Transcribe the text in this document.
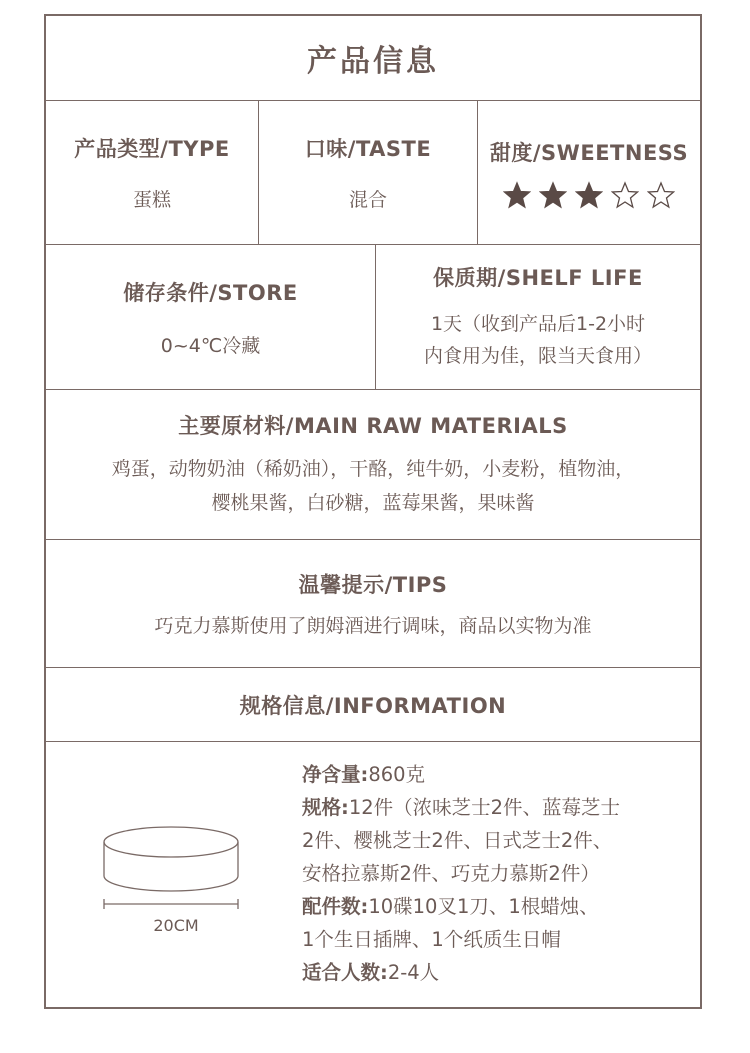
产品信息
产品类型/TYPE
蛋糕
口味/TASTE
混合
甜度/SWEETNESS
储存条件/STORE
0~4℃冷藏
保质期/SHELF LIFE
1天（收到产品后1-2小时
内食用为佳，限当天食用）
主要原材料/MAIN RAW MATERIALS
鸡蛋，动物奶油（稀奶油），干酪，纯牛奶，小麦粉，植物油，
樱桃果酱，白砂糖，蓝莓果酱，果味酱
温馨提示/TIPS
巧克力慕斯使用了朗姆酒进行调味，商品以实物为准
规格信息/INFORMATION
20CM
净含量:860克
规格:12件（浓味芝士2件、蓝莓芝士
2件、樱桃芝士2件、日式芝士2件、
安格拉慕斯2件、巧克力慕斯2件）
配件数:10碟10叉1刀、1根蜡烛、
1个生日插牌、1个纸质生日帽
适合人数:2-4人
